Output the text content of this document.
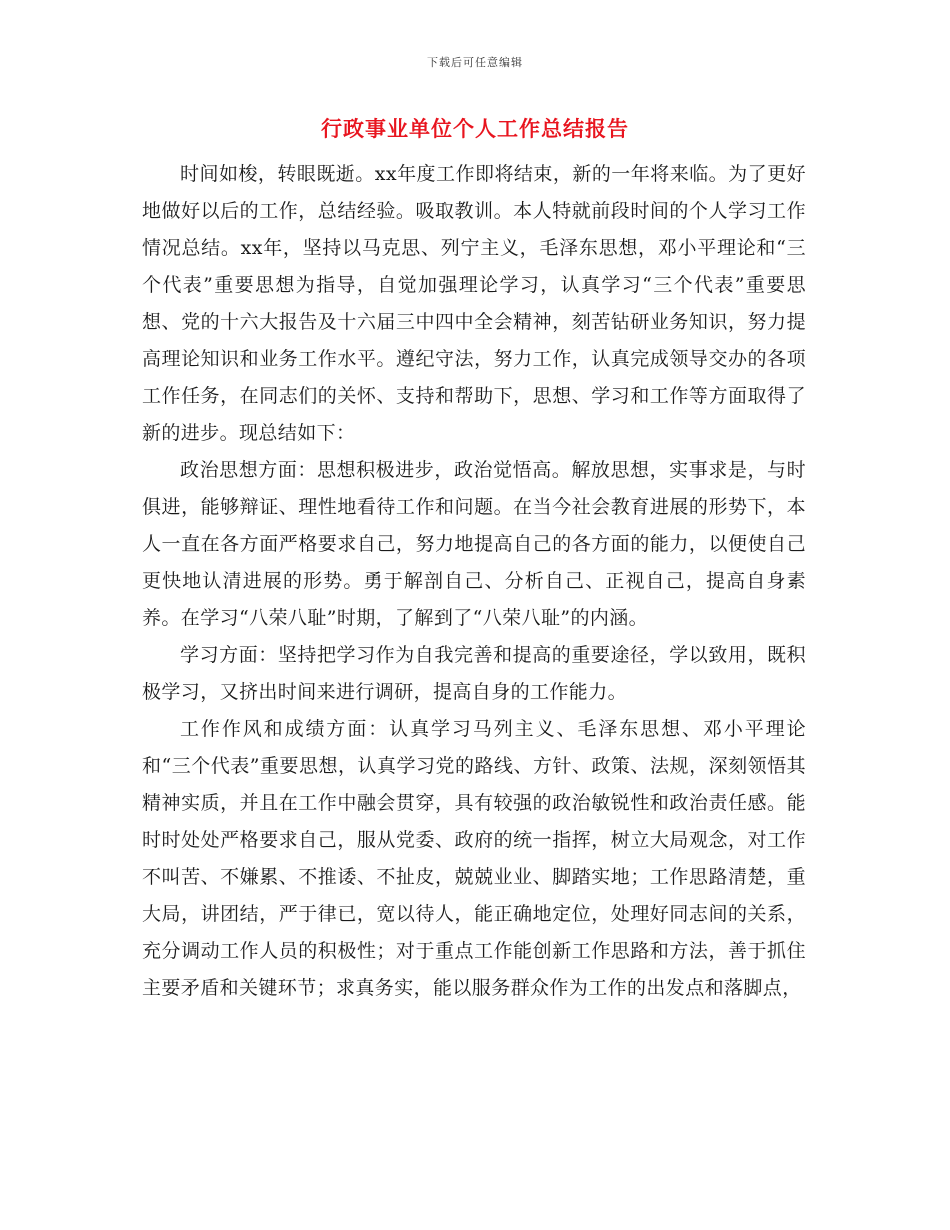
下载后可任意编辑
行政事业单位个人工作总结报告

时间如梭，转眼既逝。xx年度工作即将结束，新的一年将来临。为了更好地做好以后的工作，总结经验。吸取教训。本人特就前段时间的个人学习工作情况总结。xx年，坚持以马克思、列宁主义，毛泽东思想，邓小平理论和“三个代表”重要思想为指导，自觉加强理论学习，认真学习“三个代表”重要思想、党的十六大报告及十六届三中四中全会精神，刻苦钻研业务知识，努力提高理论知识和业务工作水平。遵纪守法，努力工作，认真完成领导交办的各项工作任务，在同志们的关怀、支持和帮助下，思想、学习和工作等方面取得了新的进步。现总结如下：

政治思想方面：思想积极进步，政治觉悟高。解放思想，实事求是，与时俱进，能够辩证、理性地看待工作和问题。在当今社会教育进展的形势下，本人一直在各方面严格要求自己，努力地提高自己的各方面的能力，以便使自己更快地认清进展的形势。勇于解剖自己、分析自己、正视自己，提高自身素养。在学习“八荣八耻”时期，了解到了“八荣八耻”的内涵。

学习方面：坚持把学习作为自我完善和提高的重要途径，学以致用，既积极学习，又挤出时间来进行调研，提高自身的工作能力。

工作作风和成绩方面：认真学习马列主义、毛泽东思想、邓小平理论和“三个代表”重要思想，认真学习党的路线、方针、政策、法规，深刻领悟其精神实质，并且在工作中融会贯穿，具有较强的政治敏锐性和政治责任感。能时时处处严格要求自己，服从党委、政府的统一指挥，树立大局观念，对工作不叫苦、不嫌累、不推诿、不扯皮，兢兢业业、脚踏实地；工作思路清楚，重大局，讲团结，严于律已，宽以待人，能正确地定位，处理好同志间的关系，充分调动工作人员的积极性；对于重点工作能创新工作思路和方法，善于抓住主要矛盾和关键环节；求真务实，能以服务群众作为工作的出发点和落脚点，
